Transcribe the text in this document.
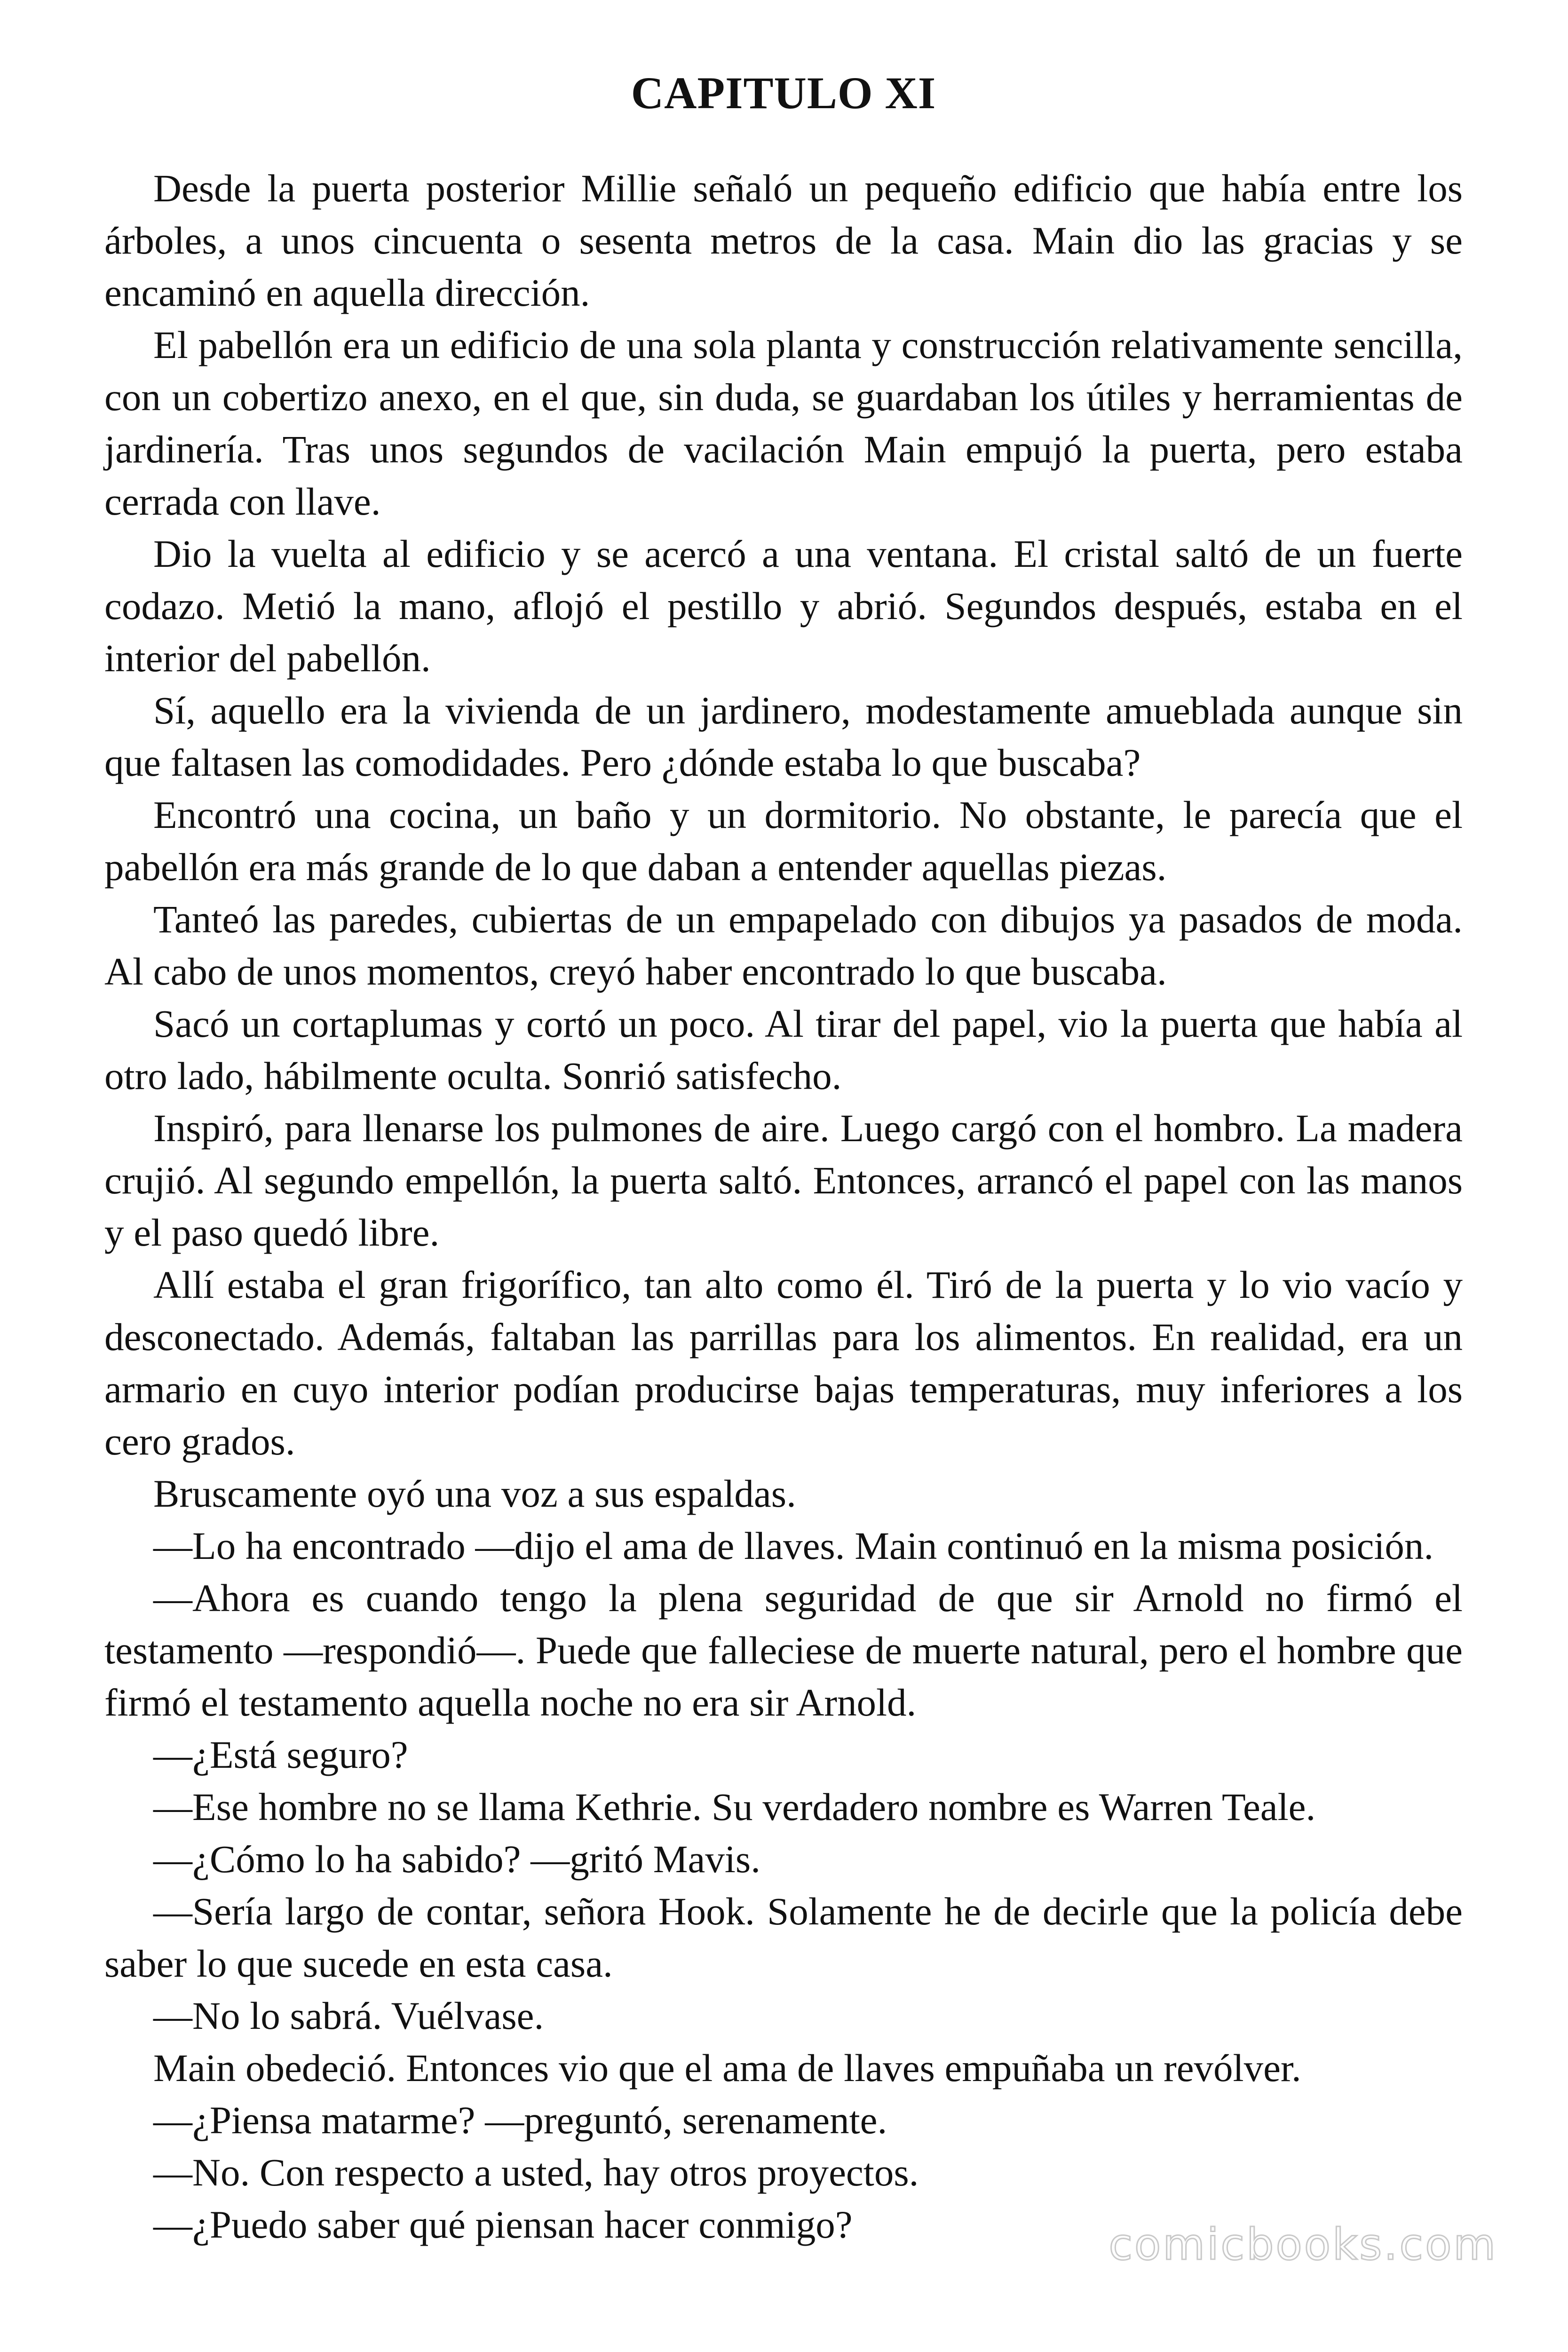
CAPITULO XI

Desde la puerta posterior Millie señaló un pequeño edificio que había entre los árboles, a unos cincuenta o sesenta metros de la casa. Main dio las gracias y se encaminó en aquella dirección.

El pabellón era un edificio de una sola planta y construcción relativamente sencilla, con un cobertizo anexo, en el que, sin duda, se guardaban los útiles y herramientas de jardinería. Tras unos segundos de vacilación Main empujó la puerta, pero estaba cerrada con llave.

Dio la vuelta al edificio y se acercó a una ventana. El cristal saltó de un fuerte codazo. Metió la mano, aflojó el pestillo y abrió. Segundos después, estaba en el interior del pabellón.

Sí, aquello era la vivienda de un jardinero, modestamente amueblada aunque sin que faltasen las comodidades. Pero ¿dónde estaba lo que buscaba?

Encontró una cocina, un baño y un dormitorio. No obstante, le parecía que el pabellón era más grande de lo que daban a entender aquellas piezas.

Tanteó las paredes, cubiertas de un empapelado con dibujos ya pasados de moda. Al cabo de unos momentos, creyó haber encontrado lo que buscaba.

Sacó un cortaplumas y cortó un poco. Al tirar del papel, vio la puerta que había al otro lado, hábilmente oculta. Sonrió satisfecho.

Inspiró, para llenarse los pulmones de aire. Luego cargó con el hombro. La madera crujió. Al segundo empellón, la puerta saltó. Entonces, arrancó el papel con las manos y el paso quedó libre.

Allí estaba el gran frigorífico, tan alto como él. Tiró de la puerta y lo vio vacío y desconectado. Además, faltaban las parrillas para los alimentos. En realidad, era un armario en cuyo interior podían producirse bajas temperaturas, muy inferiores a los cero grados.

Bruscamente oyó una voz a sus espaldas.

—Lo ha encontrado —dijo el ama de llaves. Main continuó en la misma posición.

—Ahora es cuando tengo la plena seguridad de que sir Arnold no firmó el testamento —respondió—. Puede que falleciese de muerte natural, pero el hombre que firmó el testamento aquella noche no era sir Arnold.

—¿Está seguro?

—Ese hombre no se llama Kethrie. Su verdadero nombre es Warren Teale.

—¿Cómo lo ha sabido? —gritó Mavis.

—Sería largo de contar, señora Hook. Solamente he de decirle que la policía debe saber lo que sucede en esta casa.

—No lo sabrá. Vuélvase.

Main obedeció. Entonces vio que el ama de llaves empuñaba un revólver.

—¿Piensa matarme? —preguntó, serenamente.

—No. Con respecto a usted, hay otros proyectos.

—¿Puedo saber qué piensan hacer conmigo?	comicbooks.com
